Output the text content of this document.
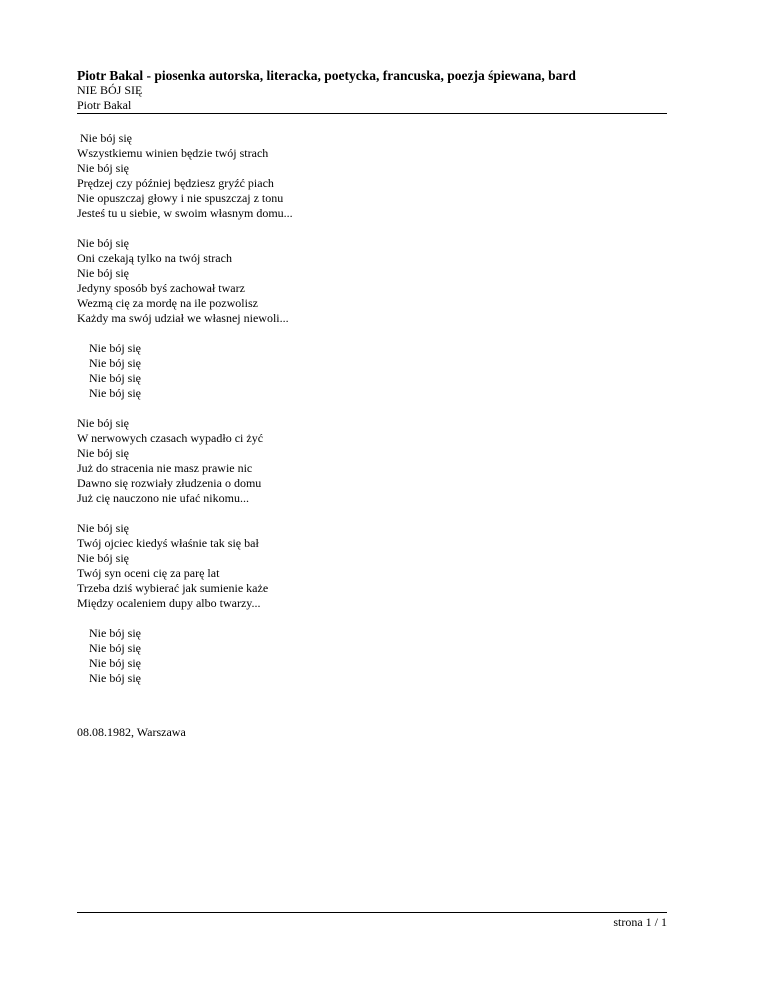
Piotr Bakal - piosenka autorska, literacka, poetycka, francuska, poezja śpiewana, bard
NIE BÓJ SIĘ
Piotr Bakal
Nie bój się
Wszystkiemu winien będzie twój strach
Nie bój się
Prędzej czy później będziesz gryźć piach
Nie opuszczaj głowy i nie spuszczaj z tonu
Jesteś tu u siebie, w swoim własnym domu...
Nie bój się
Oni czekają tylko na twój strach
Nie bój się
Jedyny sposób byś zachował twarz
Wezmą cię za mordę na ile pozwolisz
Każdy ma swój udział we własnej niewoli...
Nie bój się
Nie bój się
Nie bój się
Nie bój się
Nie bój się
W nerwowych czasach wypadło ci żyć
Nie bój się
Już do stracenia nie masz prawie nic
Dawno się rozwiały złudzenia o domu
Już cię nauczono nie ufać nikomu...
Nie bój się
Twój ojciec kiedyś właśnie tak się bał
Nie bój się
Twój syn oceni cię za parę lat
Trzeba dziś wybierać jak sumienie każe
Między ocaleniem dupy albo twarzy...
Nie bój się
Nie bój się
Nie bój się
Nie bój się
08.08.1982, Warszawa
strona 1 / 1
